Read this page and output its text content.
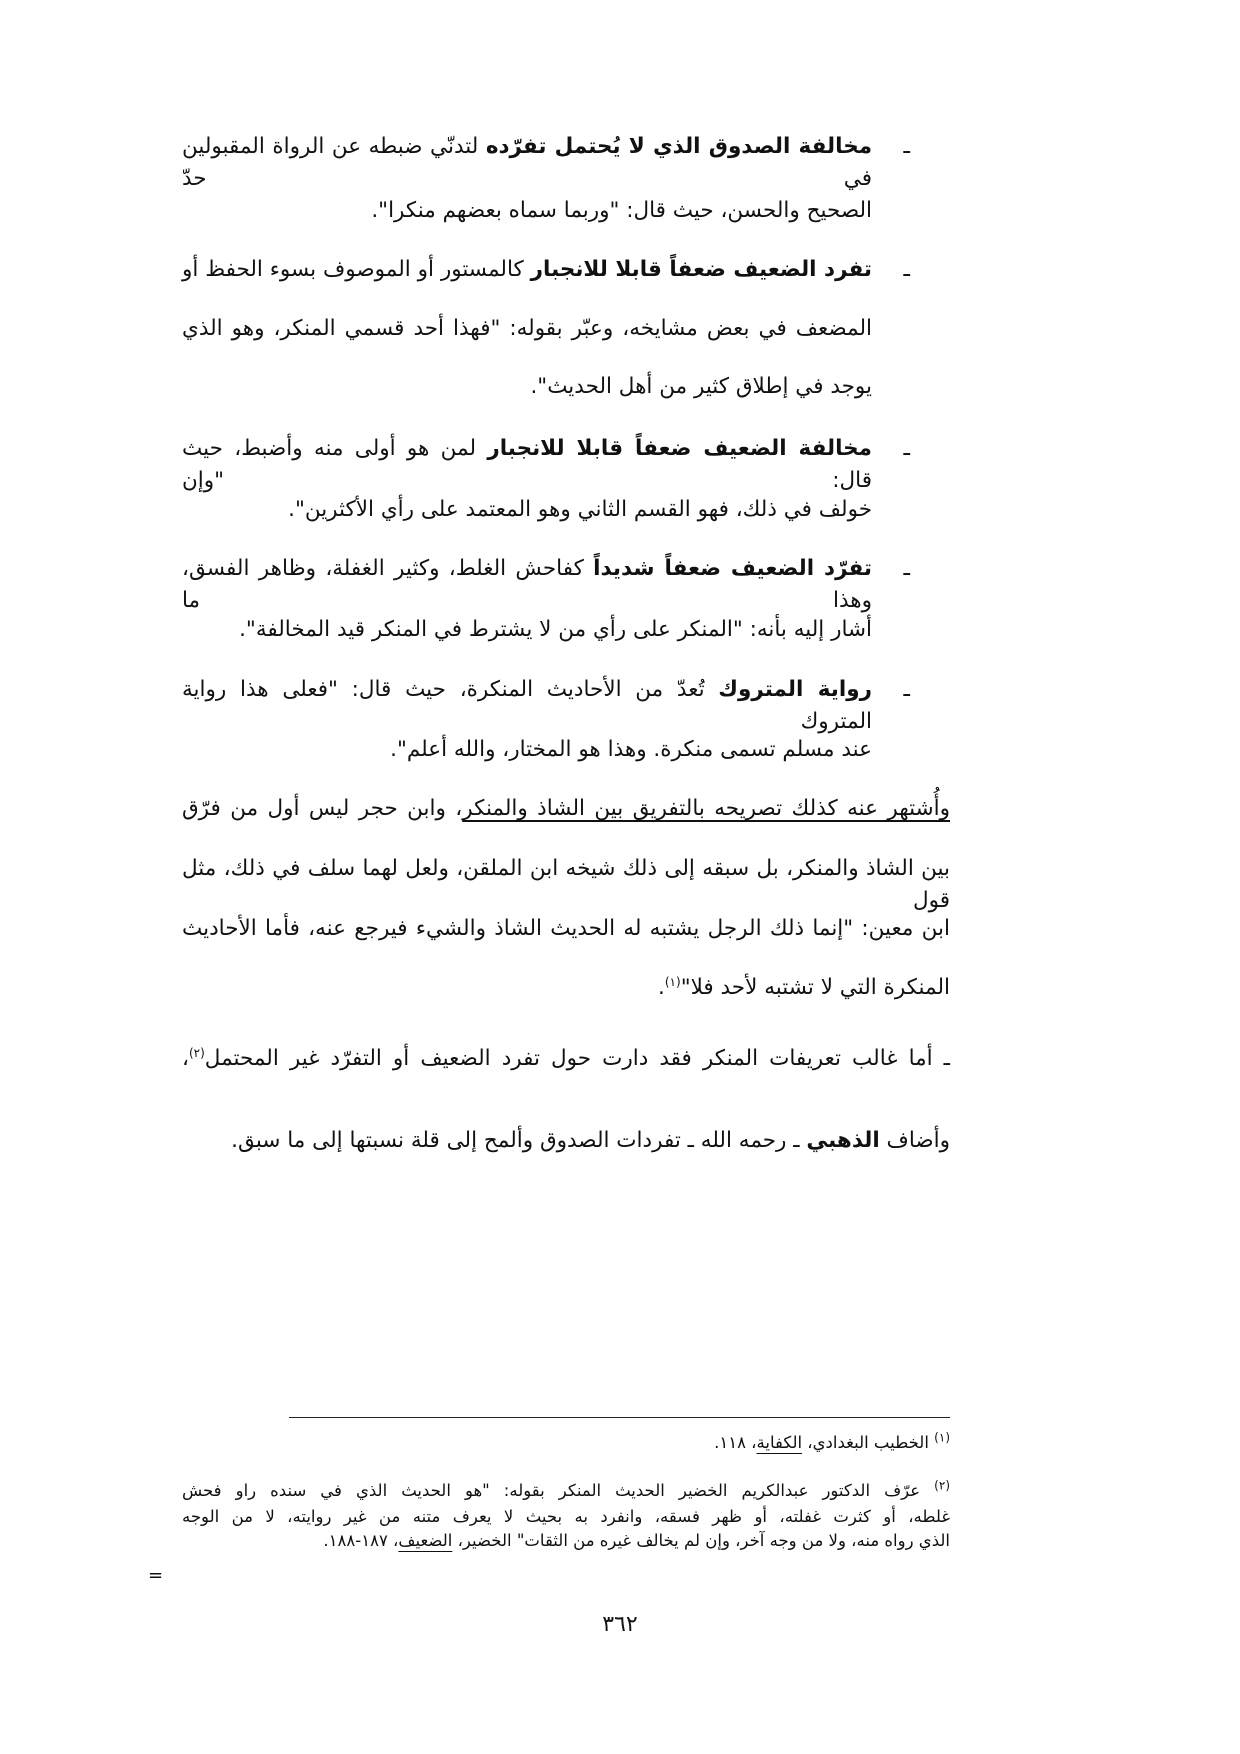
ـ
مخالفة الصدوق الذي لا يُحتمل تفرّده لتدنّي ضبطه عن الرواة المقبولين في حدّ
الصحيح والحسن، حيث قال: "وربما سماه بعضهم منكرا".
ـ
تفرد الضعيف ضعفاً قابلا للانجبار كالمستور أو الموصوف بسوء الحفظ أو
المضعف في بعض مشايخه، وعبّر بقوله: "فهذا أحد قسمي المنكر، وهو الذي
يوجد في إطلاق كثير من أهل الحديث".
ـ
مخالفة الضعيف ضعفاً قابلا للانجبار لمن هو أولى منه وأضبط، حيث قال: "وإن
خولف في ذلك، فهو القسم الثاني وهو المعتمد على رأي الأكثرين".
ـ
تفرّد الضعيف ضعفاً شديداً كفاحش الغلط، وكثير الغفلة، وظاهر الفسق، وهذا ما
أشار إليه بأنه: "المنكر على رأي من لا يشترط في المنكر قيد المخالفة".
ـ
رواية المتروك تُعدّ من الأحاديث المنكرة، حيث قال: "فعلى هذا رواية المتروك
عند مسلم تسمى منكرة. وهذا هو المختار، والله أعلم".
وأُشتهر عنه كذلك تصريحه بالتفريق بين الشاذ والمنكر، وابن حجر ليس أول من فرّق
بين الشاذ والمنكر، بل سبقه إلى ذلك شيخه ابن الملقن، ولعل لهما سلف في ذلك، مثل قول
ابن معين: "إنما ذلك الرجل يشتبه له الحديث الشاذ والشيء فيرجع عنه، فأما الأحاديث
المنكرة التي لا تشتبه لأحد فلا"$^{(١)}$.
ـ أما غالب تعريفات المنكر فقد دارت حول تفرد الضعيف أو التفرّد غير المحتمل$^{(٢)}$،
وأضاف الذهبي ـ رحمه الله ـ تفردات الصدوق وألمح إلى قلة نسبتها إلى ما سبق.
$^{(١)}$ الخطيب البغدادي، الكفاية، ١١٨.
$^{(٢)}$ عرّف الدكتور عبدالكريم الخضير الحديث المنكر بقوله: "هو الحديث الذي في سنده راو فحش
غلطه، أو كثرت غفلته، أو ظهر فسقه، وانفرد به بحيث لا يعرف متنه من غير روايته، لا من الوجه
الذي رواه منه، ولا من وجه آخر، وإن لم يخالف غيره من الثقات" الخضير، الضعيف، ١٨٧-١٨٨.
=
٣٦٢
